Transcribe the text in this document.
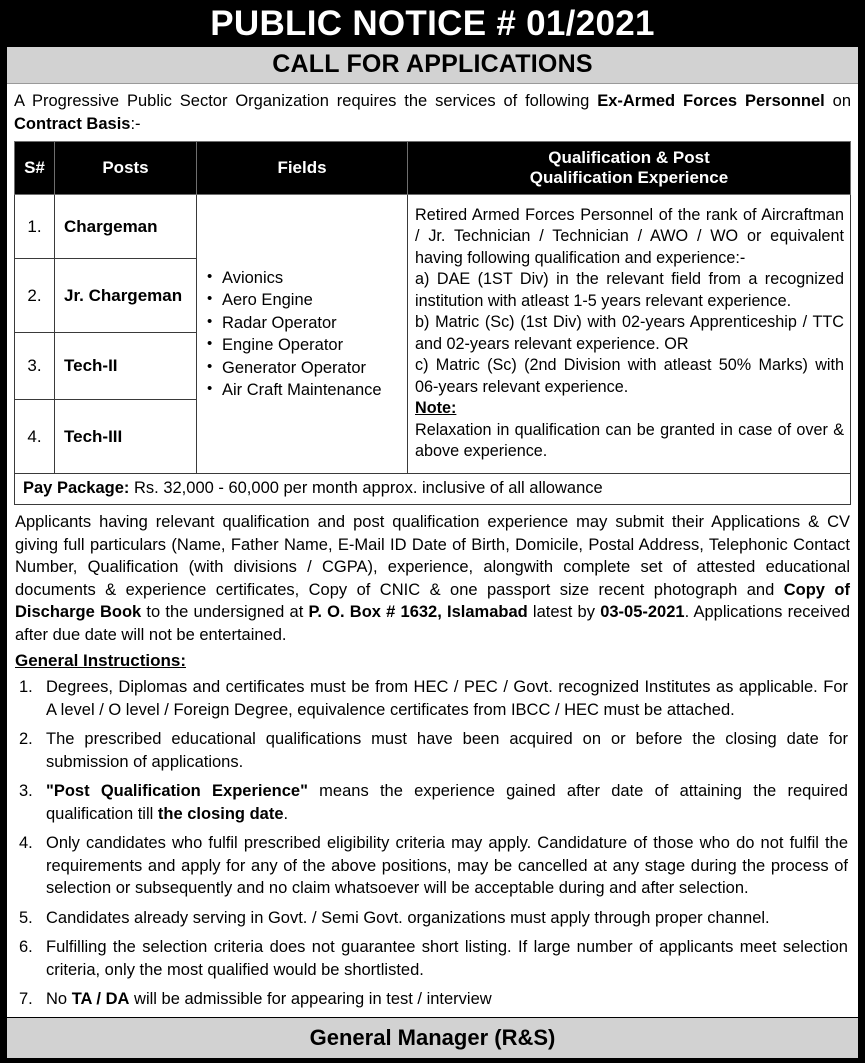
PUBLIC NOTICE # 01/2021
CALL FOR APPLICATIONS
A Progressive Public Sector Organization requires the services of following Ex-Armed Forces Personnel on Contract Basis:-
S#	Posts	Fields	Qualification & Post
Qualification Experience

1.	Chargeman	
• Avionics
• Aero Engine
• Radar Operator
• Engine Operator
• Generator Operator
• Air Craft Maintenance

Retired Armed Forces Personnel of the rank of Aircraftman / Jr. Technician / Technician / AWO / WO or equivalent having following qualification and experience:-

a) DAE (1ST Div) in the relevant field from a recognized institution with atleast 1-5 years relevant experience.

b) Matric (Sc) (1st Div) with 02-years Apprenticeship / TTC and 02-years relevant experience. OR

c) Matric (Sc) (2nd Division with atleast 50% Marks) with 06-years relevant experience.

Note:

Relaxation in qualification can be granted in case of over & above experience.

2.	Jr. Chargeman		
3.	Tech-II		
4.	Tech-III		
Pay Package: Rs. 32,000 - 60,000 per month approx. inclusive of all allowance			
Applicants having relevant qualification and post qualification experience may submit their Applications & CV giving full particulars (Name, Father Name, E-Mail ID Date of Birth, Domicile, Postal Address, Telephonic Contact Number, Qualification (with divisions / CGPA), experience, alongwith complete set of attested educational documents & experience certificates, Copy of CNIC & one passport size recent photograph and Copy of Discharge Book to the undersigned at P. O. Box # 1632, Islamabad latest by 03-05-2021. Applications received after due date will not be entertained.
General Instructions:
1. Degrees, Diplomas and certificates must be from HEC / PEC / Govt. recognized Institutes as applicable. For A level / O level / Foreign Degree, equivalence certificates from IBCC / HEC must be attached.
2. The prescribed educational qualifications must have been acquired on or before the closing date for submission of applications.
3. "Post Qualification Experience" means the experience gained after date of attaining the required qualification till the closing date.
4. Only candidates who fulfil prescribed eligibility criteria may apply. Candidature of those who do not fulfil the requirements and apply for any of the above positions, may be cancelled at any stage during the process of selection or subsequently and no claim whatsoever will be acceptable during and after selection.
5. Candidates already serving in Govt. / Semi Govt. organizations must apply through proper channel.
6. Fulfilling the selection criteria does not guarantee short listing. If large number of applicants meet selection criteria, only the most qualified would be shortlisted.
7. No TA / DA will be admissible for appearing in test / interview
General Manager (R&S)
